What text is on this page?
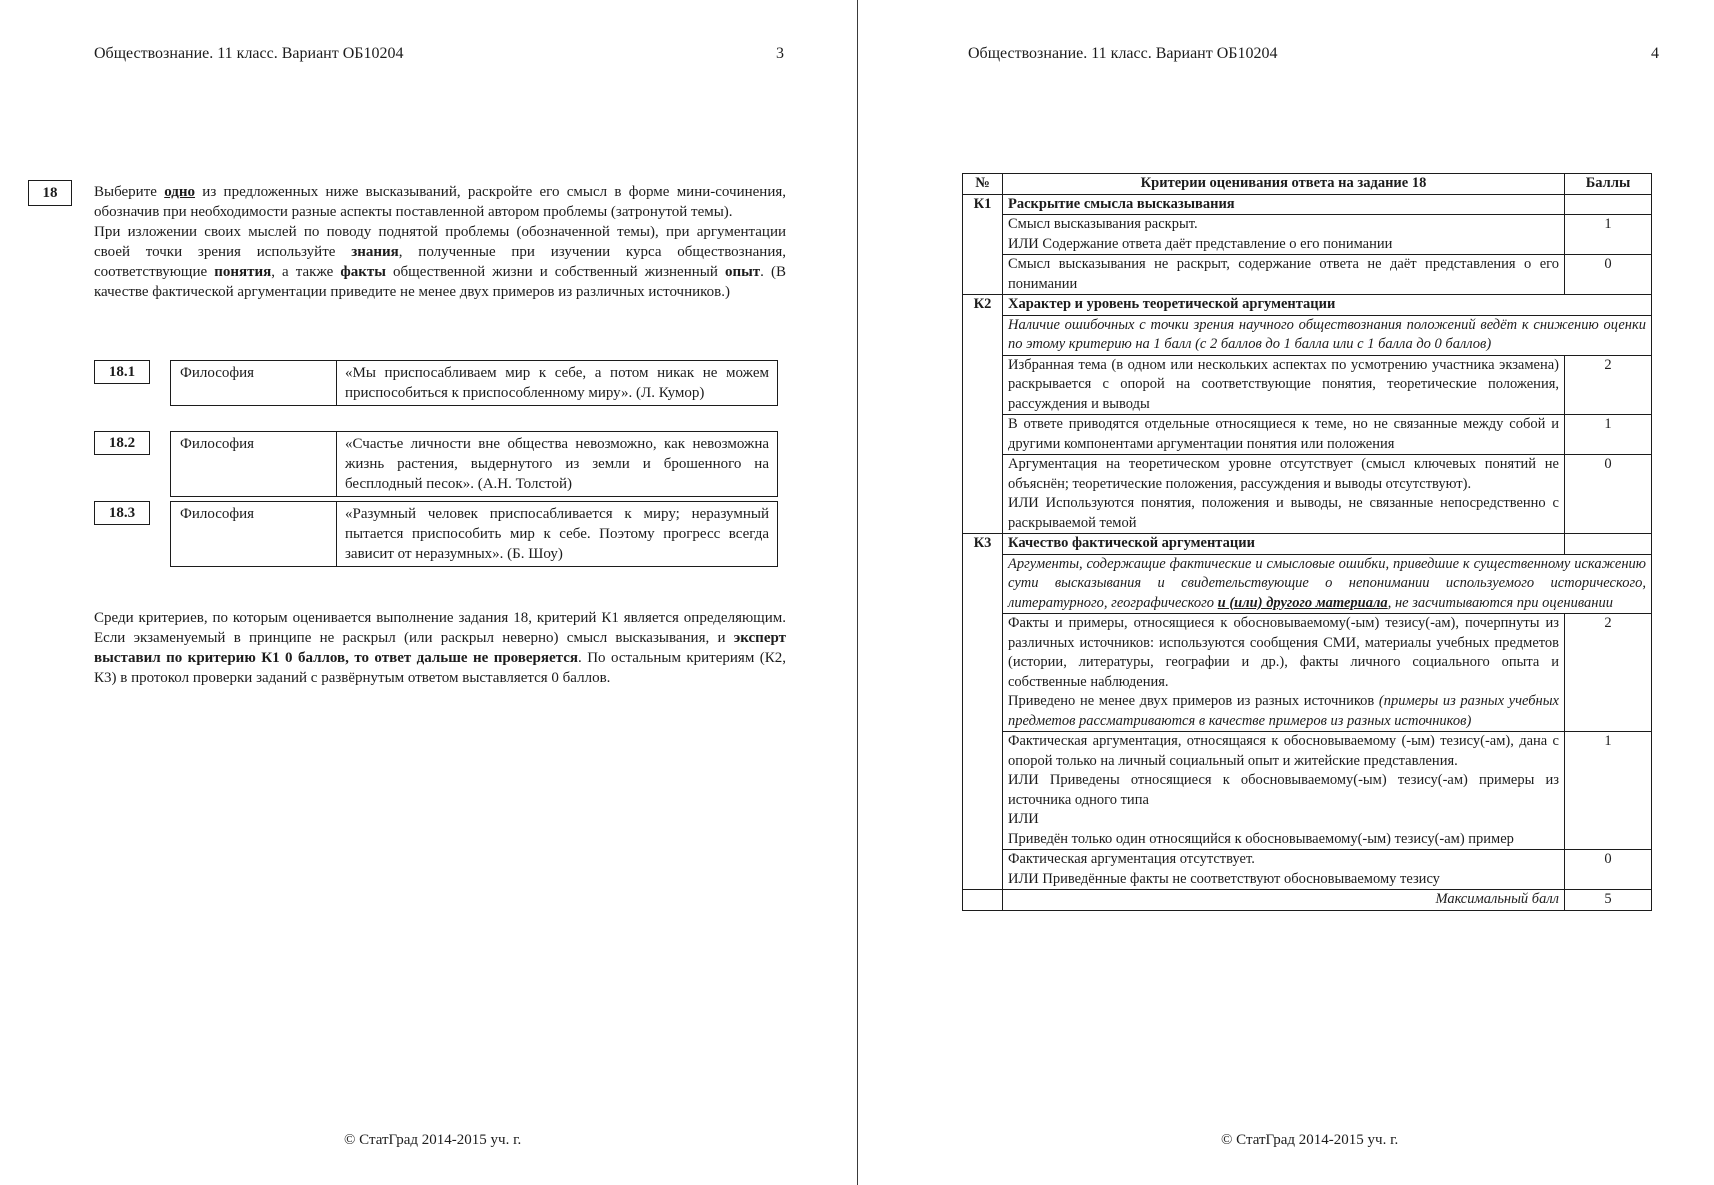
Обществознание. 11 класс. Вариант ОБ10204	3
18	Выберите одно из предложенных ниже высказываний, раскройте его смысл в форме мини-сочинения, обозначив при необходимости разные аспекты поставленной автором проблемы (затронутой темы).

При изложении своих мыслей по поводу поднятой проблемы (обозначенной темы), при аргументации своей точки зрения используйте знания, полученные при изучении курса обществознания, соответствующие понятия, а также факты общественной жизни и собственный жизненный опыт. (В качестве фактической аргументации приведите не менее двух примеров из различных источников.)

18.1	Философия	«Мы приспосабливаем мир к себе, а потом никак не можем приспособиться к приспособленному миру». (Л. Кумор)
18.2	Философия	«Счастье личности вне общества невозможно, как невозможна жизнь растения, выдернутого из земли и брошенного на бесплодный песок». (А.Н. Толстой)
18.3	Философия	«Разумный человек приспосабливается к миру; неразумный пытается приспособить мир к себе. Поэтому прогресс всегда зависит от неразумных». (Б. Шоу)
Среди критериев, по которым оценивается выполнение задания 18, критерий К1 является определяющим. Если экзаменуемый в принципе не раскрыл (или раскрыл неверно) смысл высказывания, и эксперт выставил по критерию К1 0 баллов, то ответ дальше не проверяется. По остальным критериям (К2, К3) в протокол проверки заданий с развёрнутым ответом выставляется 0 баллов.
© СтатГрад 2014-2015 уч. г.
Обществознание. 11 класс. Вариант ОБ10204	4
№	Критерии оценивания ответа на задание 18	Баллы
К1	Раскрытие смысла высказывания	

	Смысл высказывания раскрыт.
ИЛИ Содержание ответа даёт представление о его понимании	1
	Смысл высказывания не раскрыт, содержание ответа не даёт представления о его понимании	0
К2	Характер и уровень теоретической аргументации	
	Наличие ошибочных с точки зрения научного обществознания положений ведёт к снижению оценки по этому критерию на 1 балл (с 2 баллов до 1 балла или с 1 балла до 0 баллов)	
	Избранная тема (в одном или нескольких аспектах по усмотрению участника экзамена) раскрывается с опорой на соответствующие понятия, теоретические положения, рассуждения и выводы	2
	В ответе приводятся отдельные относящиеся к теме, но не связанные между собой и другими компонентами аргументации понятия или положения	1

	Аргументация на теоретическом уровне отсутствует (смысл ключевых понятий не объяснён; теоретические положения, рассуждения и выводы отсутствуют).
ИЛИ Используются понятия, положения и выводы, не связанные непосредственно с раскрываемой темой	0
К3	Качество фактической аргументации	
	Аргументы, содержащие фактические и смысловые ошибки, приведшие к существенному искажению сути высказывания и свидетельствующие о непонимании используемого исторического, литературного, географического и (или) другого материала, не засчитываются при оценивании	

	Факты и примеры, относящиеся к обосновываемому(-ым) тезису(-ам), почерпнуты из различных источников: используются сообщения СМИ, материалы учебных предметов (истории, литературы, географии и др.), факты личного социального опыта и собственные наблюдения.
Приведено не менее двух примеров из разных источников (примеры из разных учебных предметов рассматриваются в качестве примеров из разных источников)	2

	Фактическая аргументация, относящаяся к обосновываемому (-ым) тезису(-ам), дана с опорой только на личный социальный опыт и житейские представления.
ИЛИ Приведены относящиеся к обосновываемому(-ым) тезису(-ам) примеры из источника одного типа
ИЛИ
Приведён только один относящийся к обосновываемому(-ым) тезису(-ам) пример	1

	Фактическая аргументация отсутствует.
ИЛИ Приведённые факты не соответствуют обосновываемому тезису	0
	Максимальный балл	5
© СтатГрад 2014-2015 уч. г.
